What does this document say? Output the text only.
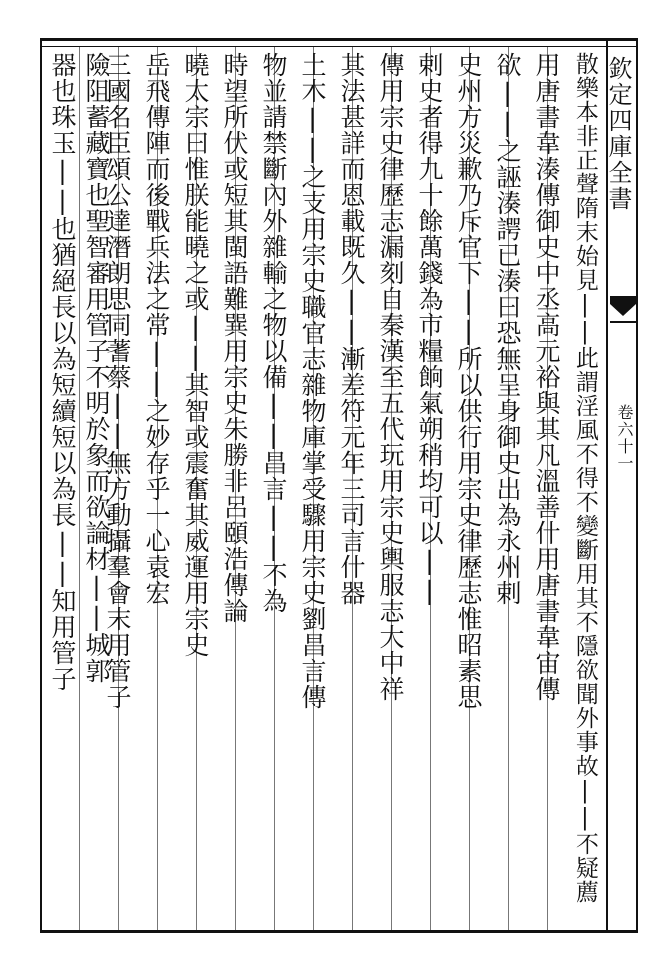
欽定四庫全書
卷六十一
散樂本非正聲隋末始見||此謂淫風不得不變斷用其不隱欲聞外事故||不疑薦
用唐書韋湊傳御史中丞高元裕與其凡溫善什用唐書韋宙傳
欲||之誣湊諤已湊曰恐無呈身御史出為永州剌
史州方災歉乃斥官下||所以供行用宗史律歷志惟昭素思
剌史者得九十餘萬錢為市糧餉氣朔稍均可以||
傳用宗史律歷志漏刻自秦漢至五代玩用宗史輿服志大中祥
其法甚詳而恩載既久||漸差符元年三司言什器
土木||之支用宗史職官志雜物庫掌受驟用宗史劉昌言傳
物並請禁斷內外雜輸之物以備||昌言||不為
時望所伏或短其閩語難巽用宗史朱勝非呂頤浩傳論
曉太宗曰惟朕能曉之或||其智或震奮其威運用宗史
岳飛傳陣而後戰兵法之常||之妙存乎一心袁宏
三國名臣頌公達潛朗思同蓍蔡||無方動攝羣會末用管子
險阻蓄藏寶也聖智審用管子不明於象而欲論材||城郭
器也珠玉||也猶絕長以為短續短以為長||知用管子
